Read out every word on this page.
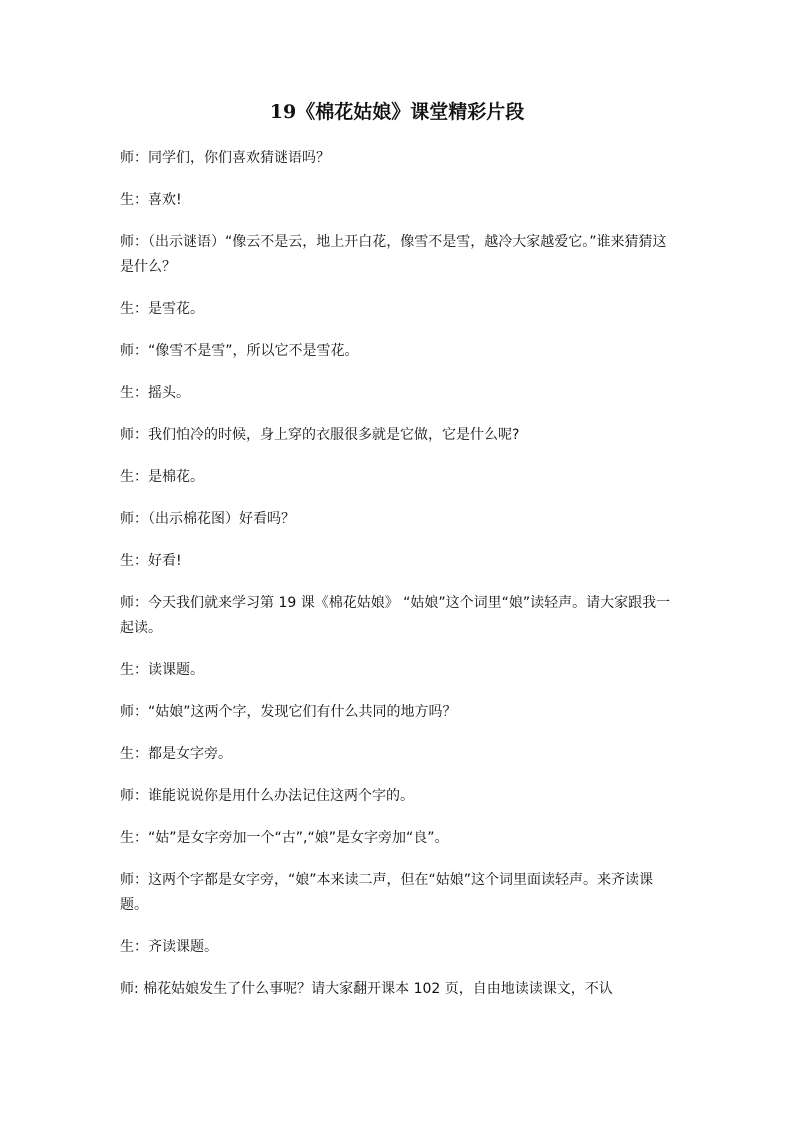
19《棉花姑娘》课堂精彩片段

师：同学们，你们喜欢猜谜语吗？

生：喜欢!

师：（出示谜语）“像云不是云，地上开白花，像雪不是雪，越冷大家越爱它。”谁来猜猜这是什么？

生：是雪花。

师：“像雪不是雪”，所以它不是雪花。

生：摇头。

师：我们怕冷的时候，身上穿的衣服很多就是它做，它是什么呢?

生：是棉花。

师：（出示棉花图）好看吗？

生：好看!

师：今天我们就来学习第 19 课《棉花姑娘》 “姑娘”这个词里“娘”读轻声。请大家跟我一起读。

生：读课题。

师：“姑娘”这两个字，发现它们有什么共同的地方吗？

生：都是女字旁。

师：谁能说说你是用什么办法记住这两个字的。

生：“姑”是女字旁加一个“古”,“娘”是女字旁加“良”。

师：这两个字都是女字旁，“娘”本来读二声，但在“姑娘”这个词里面读轻声。来齐读课题。

生：齐读课题。

师: 棉花姑娘发生了什么事呢？请大家翻开课本 102 页，自由地读读课文，不认
